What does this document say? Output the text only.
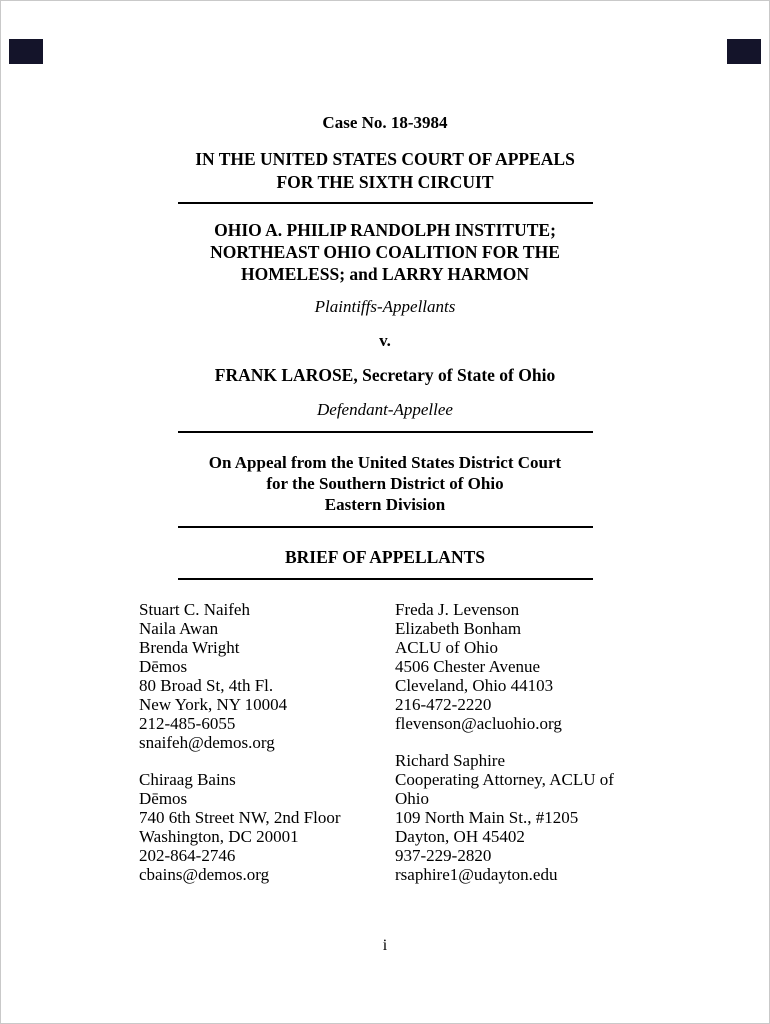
Case No. 18-3984
IN THE UNITED STATES COURT OF APPEALS
FOR THE SIXTH CIRCUIT
OHIO A. PHILIP RANDOLPH INSTITUTE;
NORTHEAST OHIO COALITION FOR THE
HOMELESS; and LARRY HARMON
Plaintiffs-Appellants
v.
FRANK LAROSE, Secretary of State of Ohio
Defendant-Appellee
On Appeal from the United States District Court
for the Southern District of Ohio
Eastern Division
BRIEF OF APPELLANTS
Stuart C. Naifeh
Naila Awan
Brenda Wright
Dēmos
80 Broad St, 4th Fl.
New York, NY 10004
212-485-6055
snaifeh@demos.org
Chiraag Bains
Dēmos
740 6th Street NW, 2nd Floor
Washington, DC 20001
202-864-2746
cbains@demos.org
Freda J. Levenson
Elizabeth Bonham
ACLU of Ohio
4506 Chester Avenue
Cleveland, Ohio 44103
216-472-2220
flevenson@acluohio.org
Richard Saphire
Cooperating Attorney, ACLU of Ohio
109 North Main St., #1205
Dayton, OH 45402
937-229-2820
rsaphire1@udayton.edu
i
